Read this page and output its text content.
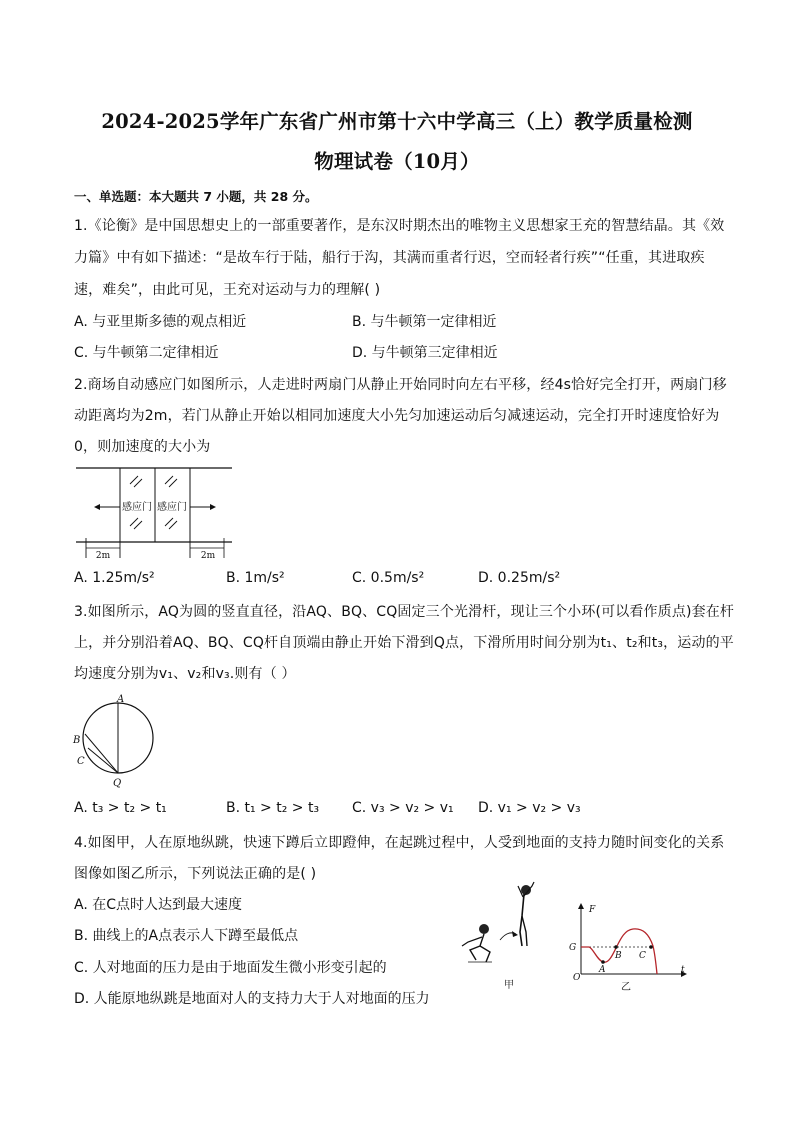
2024-2025学年广东省广州市第十六中学高三（上）教学质量检测
物理试卷（10月）
一、单选题：本大题共 7 小题，共 28 分。
1.《论衡》是中国思想史上的一部重要著作，是东汉时期杰出的唯物主义思想家王充的智慧结晶。其《效
力篇》中有如下描述：“是故车行于陆，船行于沟，其满而重者行迟，空而轻者行疾”“任重，其进取疾
速，难矣”，由此可见，王充对运动与力的理解( )
A. 与亚里斯多德的观点相近	B. 与牛顿第一定律相近
C. 与牛顿第二定律相近	D. 与牛顿第三定律相近
2.商场自动感应门如图所示，人走进时两扇门从静止开始同时向左右平移，经4s恰好完全打开，两扇门移
动距离均为2m，若门从静止开始以相同加速度大小先匀加速运动后匀减速运动，完全打开时速度恰好为
0，则加速度的大小为
感应门 感应门
2m	2m
A. 1.25m/s²	B. 1m/s²	C. 0.5m/s²	D. 0.25m/s²
3.如图所示，AQ为圆的竖直直径，沿AQ、BQ、CQ固定三个光滑杆，现让三个小环(可以看作质点)套在杆
上，并分别沿着AQ、BQ、CQ杆自顶端由静止开始下滑到Q点，下滑所用时间分别为t₁、t₂和t₃，运动的平
均速度分别为v₁、v₂和v₃.则有（ ）
A
B
C
Q
A. t₃ > t₂ > t₁	B. t₁ > t₂ > t₃ C. v₃ > v₂ > v₁ D. v₁ > v₂ > v₃
4.如图甲，人在原地纵跳，快速下蹲后立即蹬伸，在起跳过程中，人受到地面的支持力随时间变化的关系
图像如图乙所示，下列说法正确的是( )
A. 在C点时人达到最大速度
B. 曲线上的A点表示人下蹲至最低点
C. 人对地面的压力是由于地面发生微小形变引起的
D. 人能原地纵跳是地面对人的支持力大于人对地面的压力
甲
F
t
G
O
A
B C
乙
